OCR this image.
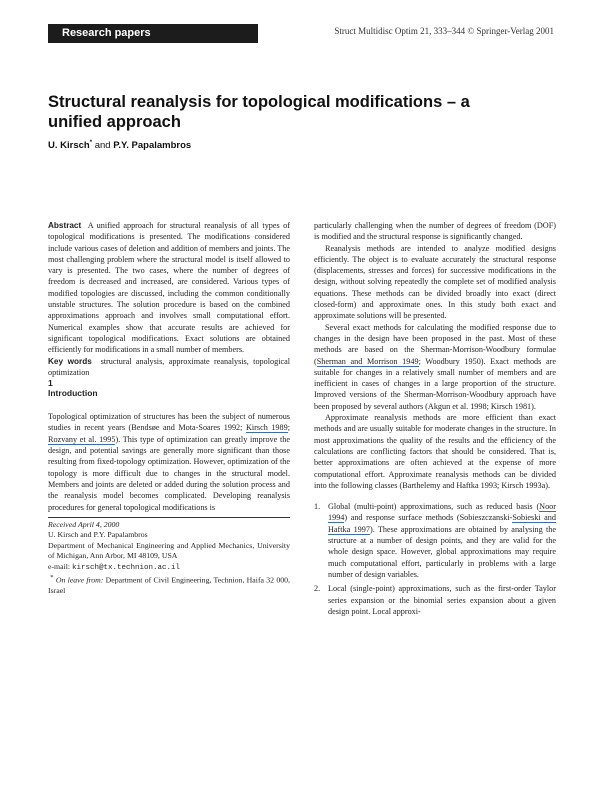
Research papers	Struct Multidisc Optim 21, 333–344 © Springer-Verlag 2001
Structural reanalysis for topological modifications – a unified approach
U. Kirsch* and P.Y. Papalambros

Abstract A unified approach for structural reanalysis of all types of topological modifications is presented. The modifications considered include various cases of deletion and addition of members and joints. The most challenging problem where the structural model is itself allowed to vary is presented. The two cases, where the number of degrees of freedom is decreased and increased, are considered. Various types of modified topologies are discussed, including the common conditionally unstable structures. The solution procedure is based on the combined approximations approach and involves small computational effort. Numerical examples show that accurate results are achieved for significant topological modifications. Exact solutions are obtained efficiently for modifications in a small number of members.

Key words structural analysis, approximate reanalysis, topological optimization

1
Introduction

Topological optimization of structures has been the subject of numerous studies in recent years (Bendsøe and Mota-Soares 1992; Kirsch 1989; Rozvany et al. 1995). This type of optimization can greatly improve the design, and potential savings are generally more significant than those resulting from fixed-topology optimization. However, optimization of the topology is more difficult due to changes in the structural model. Members and joints are deleted or added during the solution process and the reanalysis model becomes complicated. Developing reanalysis procedures for general topological modifications is

Received April 4, 2000

U. Kirsch and P.Y. Papalambros

Department of Mechanical Engineering and Applied Mechanics, University of Michigan, Ann Arbor, MI 48109, USA

e-mail: kirsch@tx.technion.ac.il

* On leave from: Department of Civil Engineering, Technion, Haifa 32 000, Israel

particularly challenging when the number of degrees of freedom (DOF) is modified and the structural response is significantly changed.

Reanalysis methods are intended to analyze modified designs efficiently. The object is to evaluate accurately the structural response (displacements, stresses and forces) for successive modifications in the design, without solving repeatedly the complete set of modified analysis equations. These methods can be divided broadly into exact (direct closed-form) and approximate ones. In this study both exact and approximate solutions will be presented.

Several exact methods for calculating the modified response due to changes in the design have been proposed in the past. Most of these methods are based on the Sherman-Morrison-Woodbury formulae (Sherman and Morrison 1949; Woodbury 1950). Exact methods are suitable for changes in a relatively small number of members and are inefficient in cases of changes in a large proportion of the structure. Improved versions of the Sherman-Morrison-Woodbury approach have been proposed by several authors (Akgun et al. 1998; Kirsch 1981).

Approximate reanalysis methods are more efficient than exact methods and are usually suitable for moderate changes in the structure. In most approximations the quality of the results and the efficiency of the calculations are conflicting factors that should be considered. That is, better approximations are often achieved at the expense of more computational effort. Approximate reanalysis methods can be divided into the following classes (Barthelemy and Haftka 1993; Kirsch 1993a).

1. Global (multi-point) approximations, such as reduced basis (Noor 1994) and response surface methods (Sobieszczanski-Sobieski and Haftka 1997). These approximations are obtained by analysing the structure at a number of design points, and they are valid for the whole design space. However, global approximations may require much computational effort, particularly in problems with a large number of design variables.
2. Local (single-point) approximations, such as the first-order Taylor series expansion or the binomial series expansion about a given design point. Local approxi-
